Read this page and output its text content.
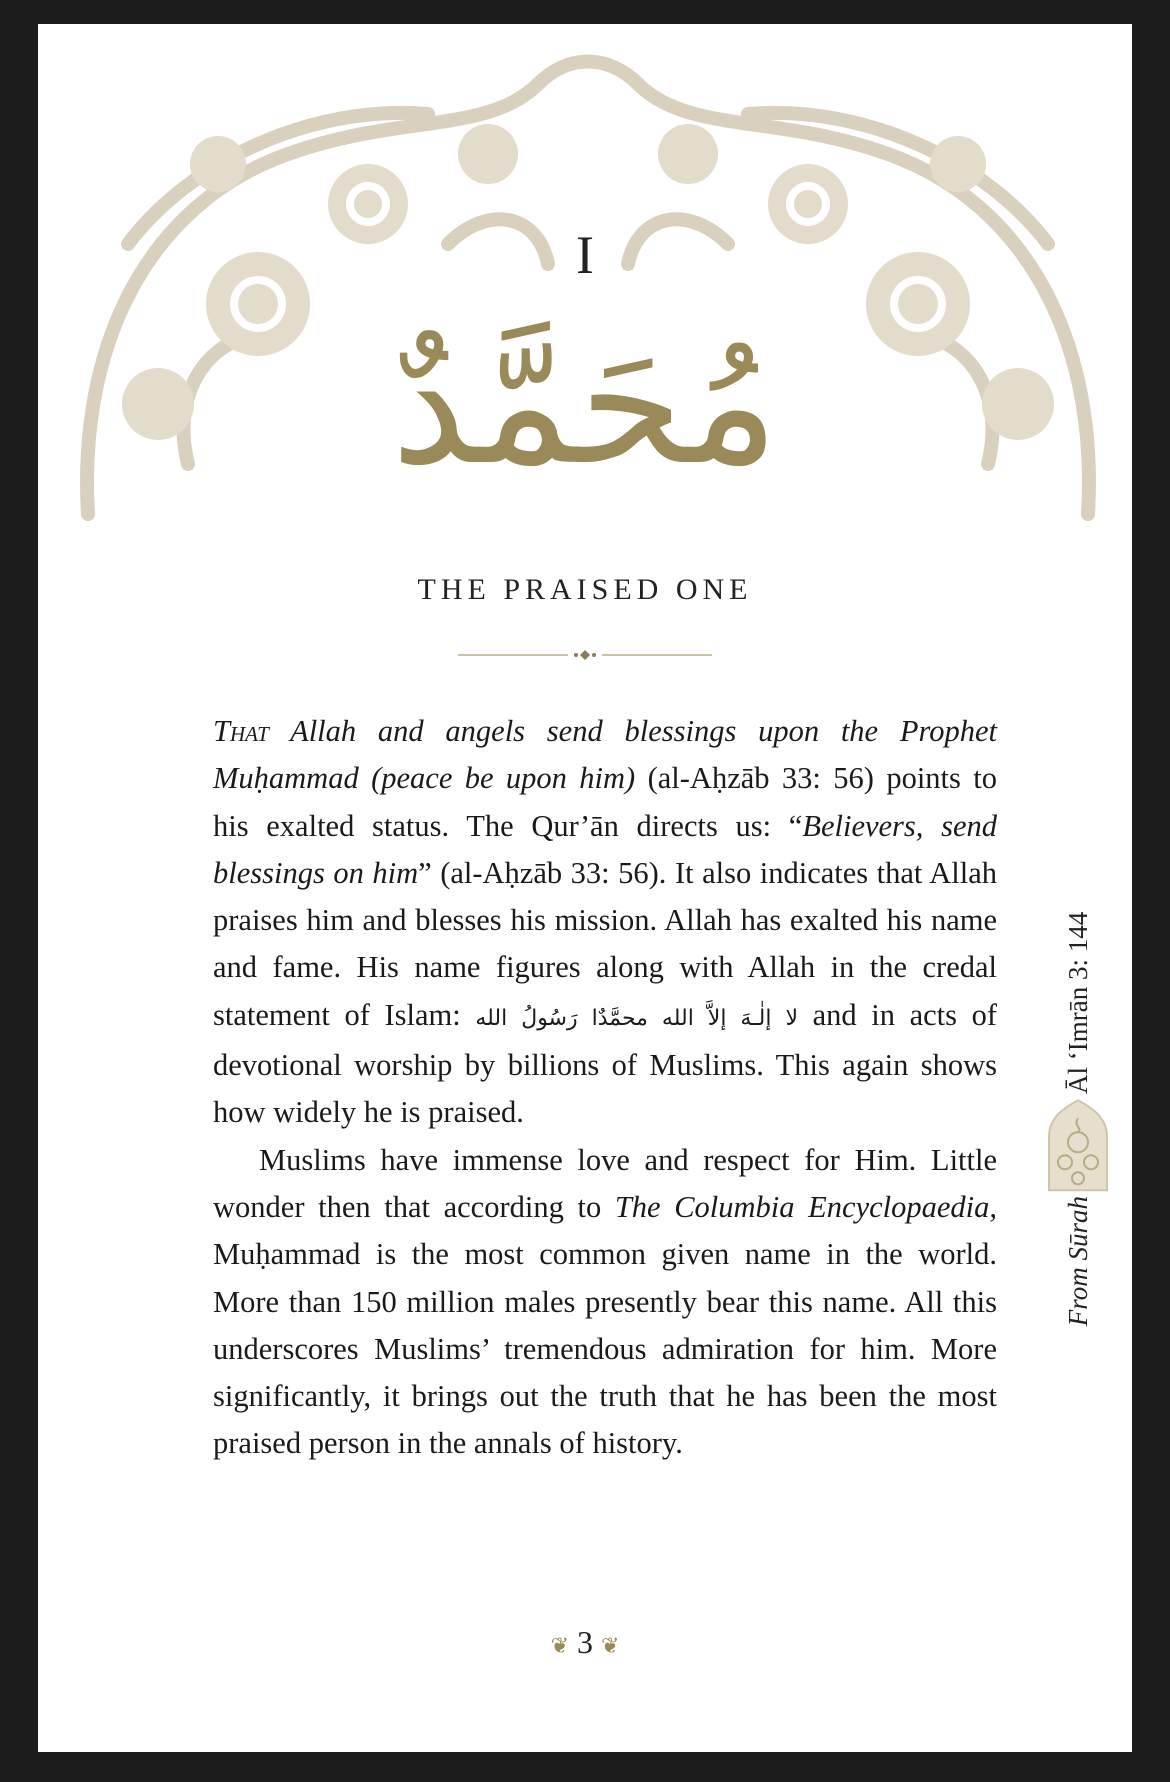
I
مُحَمَّدٌ
THE PRAISED ONE

That Allah and angels send blessings upon the Prophet Muḥammad (peace be upon him) (al-Aḥzāb 33: 56) points to his exalted status. The Qur’ān directs us: “Believers, send blessings on him” (al-Aḥzāb 33: 56). It also indicates that Allah praises him and blesses his mission. Allah has exalted his name and fame. His name figures along with Allah in the credal statement of Islam: لا إلٰـهَ إلاَّ الله محمَّدٌا رَسُولُ الله and in acts of devotional worship by billions of Muslims. This again shows how widely he is praised.

Muslims have immense love and respect for Him. Little wonder then that according to The Columbia Encyclopaedia, Muḥammad is the most common given name in the world. More than 150 million males presently bear this name. All this underscores Muslims’ tremendous admiration for him. More significantly, it brings out the truth that he has been the most praised person in the annals of history.

From Sūrah
Āl ‘Imrān 3: 144
❦ 3 ❦
